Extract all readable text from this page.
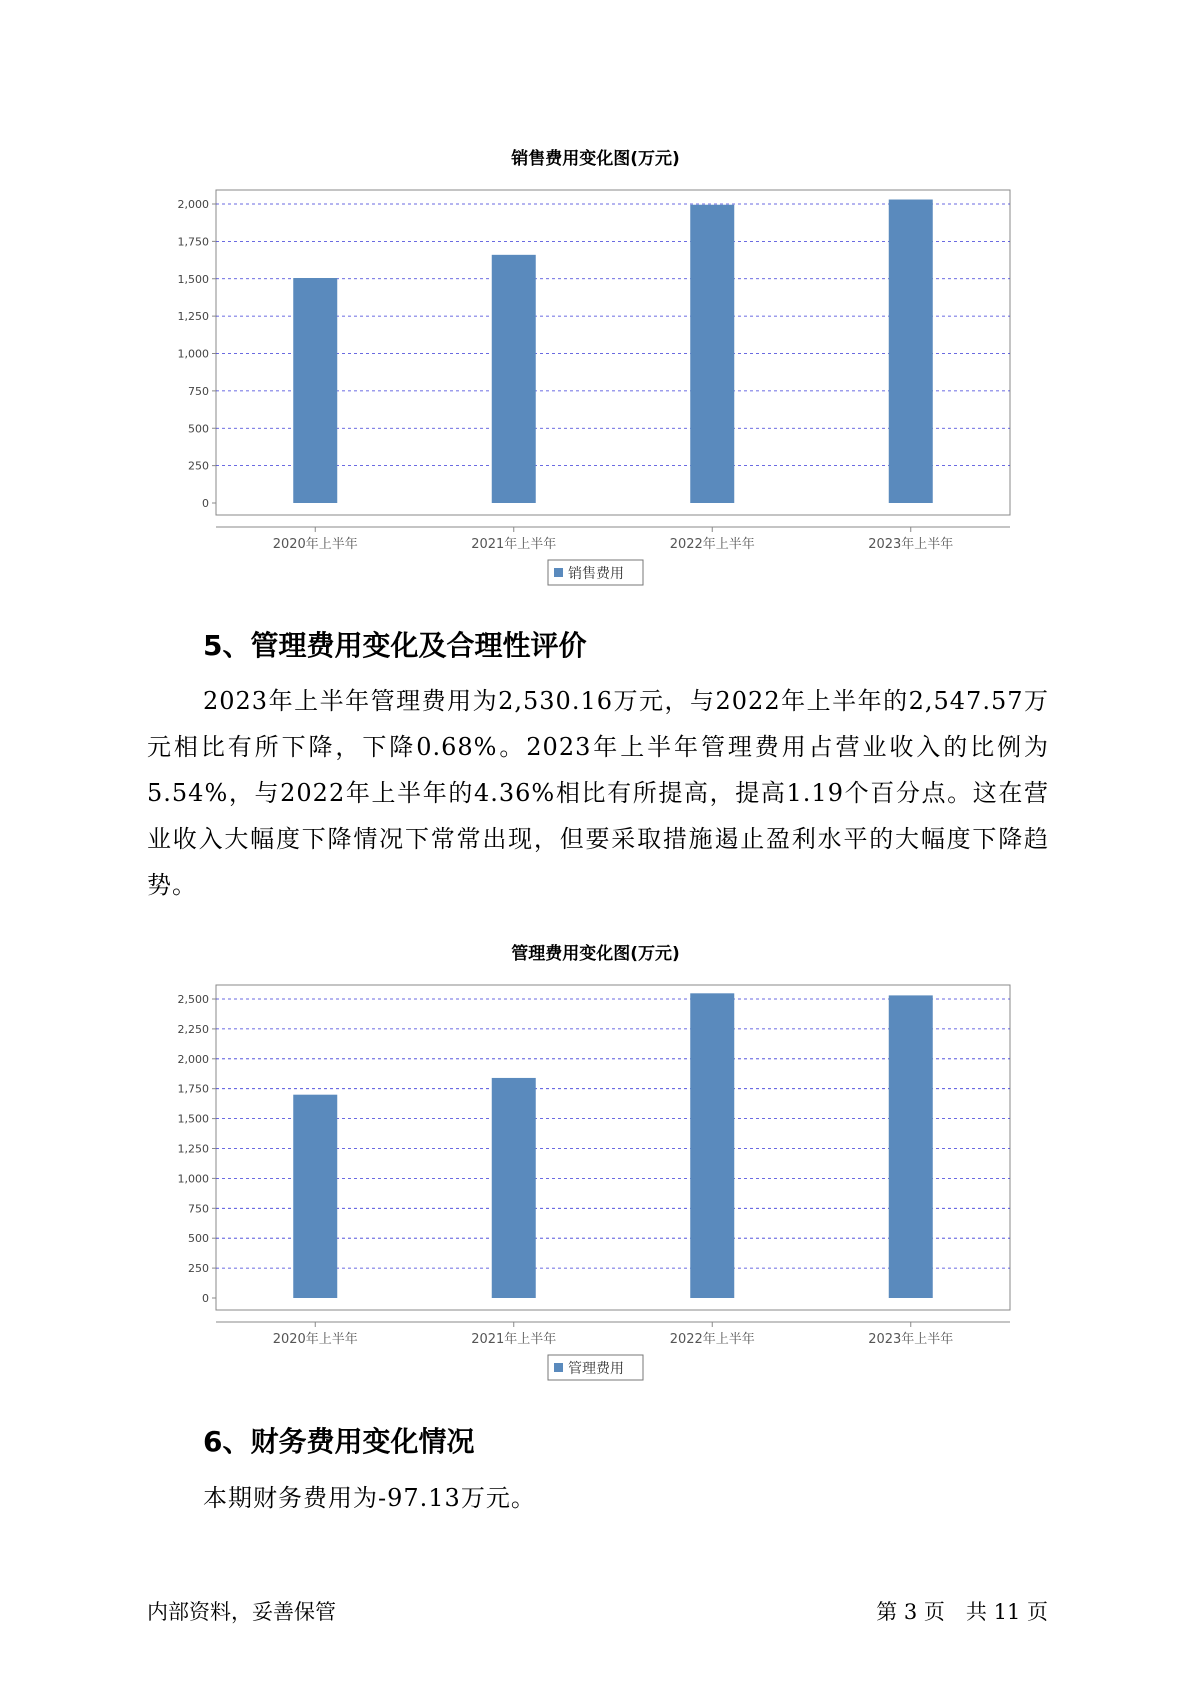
销售费用变化图(万元)
0
250
500
750
1,000
1,250
1,500
1,750
2,000
2020年上半年	2021年上半年	2022年上半年	2023年上半年
销售费用
5、管理费用变化及合理性评价

2023年上半年管理费用为2,530.16万元，与2022年上半年的2,547.57万元相比有所下降，下降0.68%。2023年上半年管理费用占营业收入的比例为5.54%，与2022年上半年的4.36%相比有所提高，提高1.19个百分点。这在营业收入大幅度下降情况下常常出现，但要采取措施遏止盈利水平的大幅度下降趋势。

管理费用变化图(万元)
0
250
500
750
1,000
1,250
1,500
1,750
2,000
2,250
2,500
2020年上半年	2021年上半年	2022年上半年	2023年上半年
管理费用
6、财务费用变化情况

本期财务费用为-97.13万元。

内部资料，妥善保管	第 3 页　共 11 页
